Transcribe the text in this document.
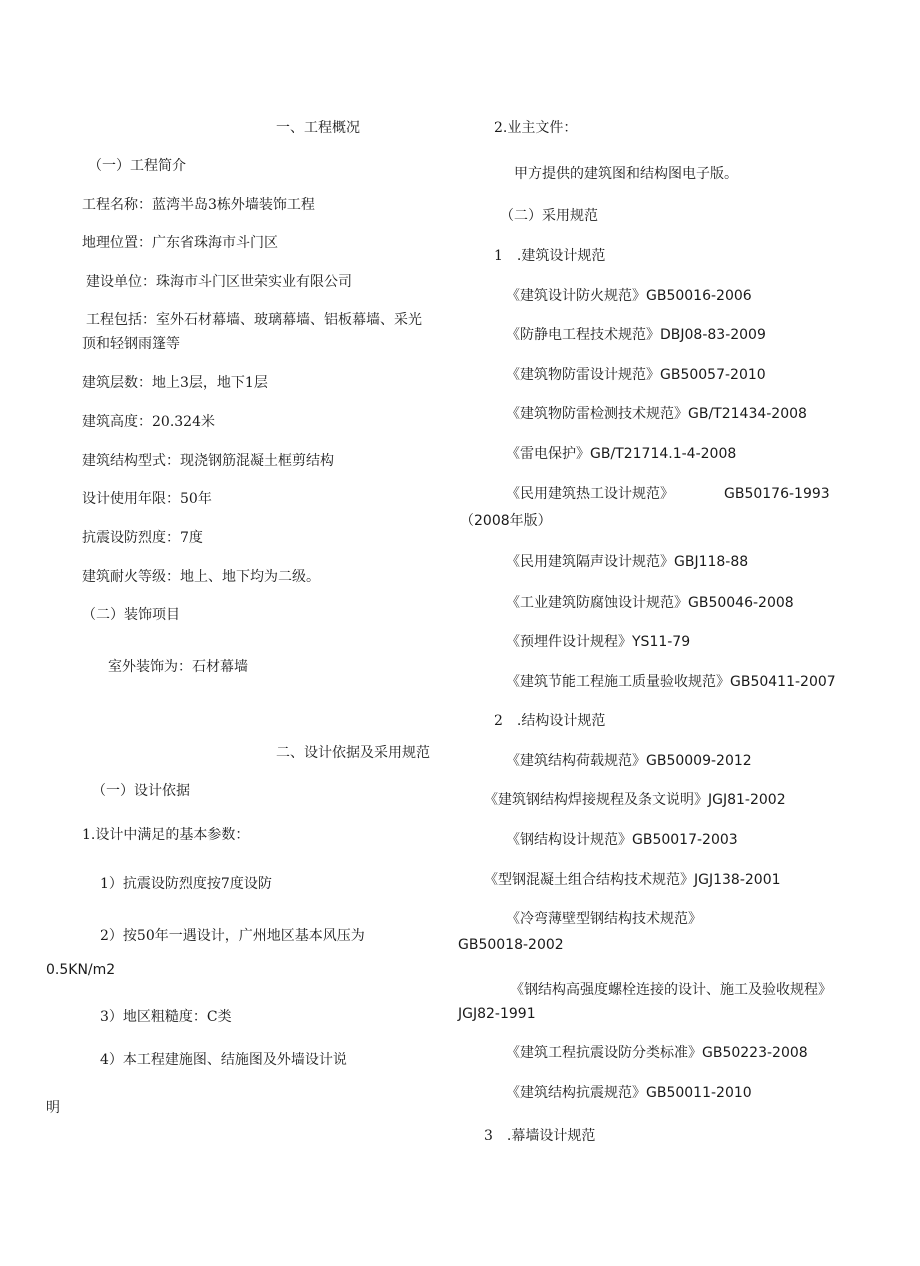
一、工程概况
（一）工程简介
工程名称：蓝湾半岛3栋外墙装饰工程
地理位置：广东省珠海市斗门区
建设单位：珠海市斗门区世荣实业有限公司
工程包括：室外石材幕墙、玻璃幕墙、铝板幕墙、采光
顶和轻钢雨篷等
建筑层数：地上3层，地下1层
建筑高度：20.324米
建筑结构型式：现浇钢筋混凝土框剪结构
设计使用年限：50年
抗震设防烈度：7度
建筑耐火等级：地上、地下均为二级。
（二）装饰项目
室外装饰为：石材幕墙
二、设计依据及采用规范
（一）设计依据
1.设计中满足的基本参数：
1）抗震设防烈度按7度设防
2）按50年一遇设计，广州地区基本风压为
0.5KN/m2
3）地区粗糙度：C类
4）本工程建施图、结施图及外墙设计说
明
2.业主文件：
甲方提供的建筑图和结构图电子版。
（二）采用规范
1　.建筑设计规范
《建筑设计防火规范》GB50016-2006
《防静电工程技术规范》DBJ08-83-2009
《建筑物防雷设计规范》GB50057-2010
《建筑物防雷检测技术规范》GB/T21434-2008
《雷电保护》GB/T21714.1-4-2008
《民用建筑热工设计规范》	GB50176-1993
（2008年版）
《民用建筑隔声设计规范》GBJ118-88
《工业建筑防腐蚀设计规范》GB50046-2008
《预埋件设计规程》YS11-79
《建筑节能工程施工质量验收规范》GB50411-2007
2　.结构设计规范
《建筑结构荷载规范》GB50009-2012
《建筑钢结构焊接规程及条文说明》JGJ81-2002
《钢结构设计规范》GB50017-2003
《型钢混凝土组合结构技术规范》JGJ138-2001
《冷弯薄壁型钢结构技术规范》
GB50018-2002
《钢结构高强度螺栓连接的设计、施工及验收规程》
JGJ82-1991
《建筑工程抗震设防分类标准》GB50223-2008
《建筑结构抗震规范》GB50011-2010
3　.幕墙设计规范
